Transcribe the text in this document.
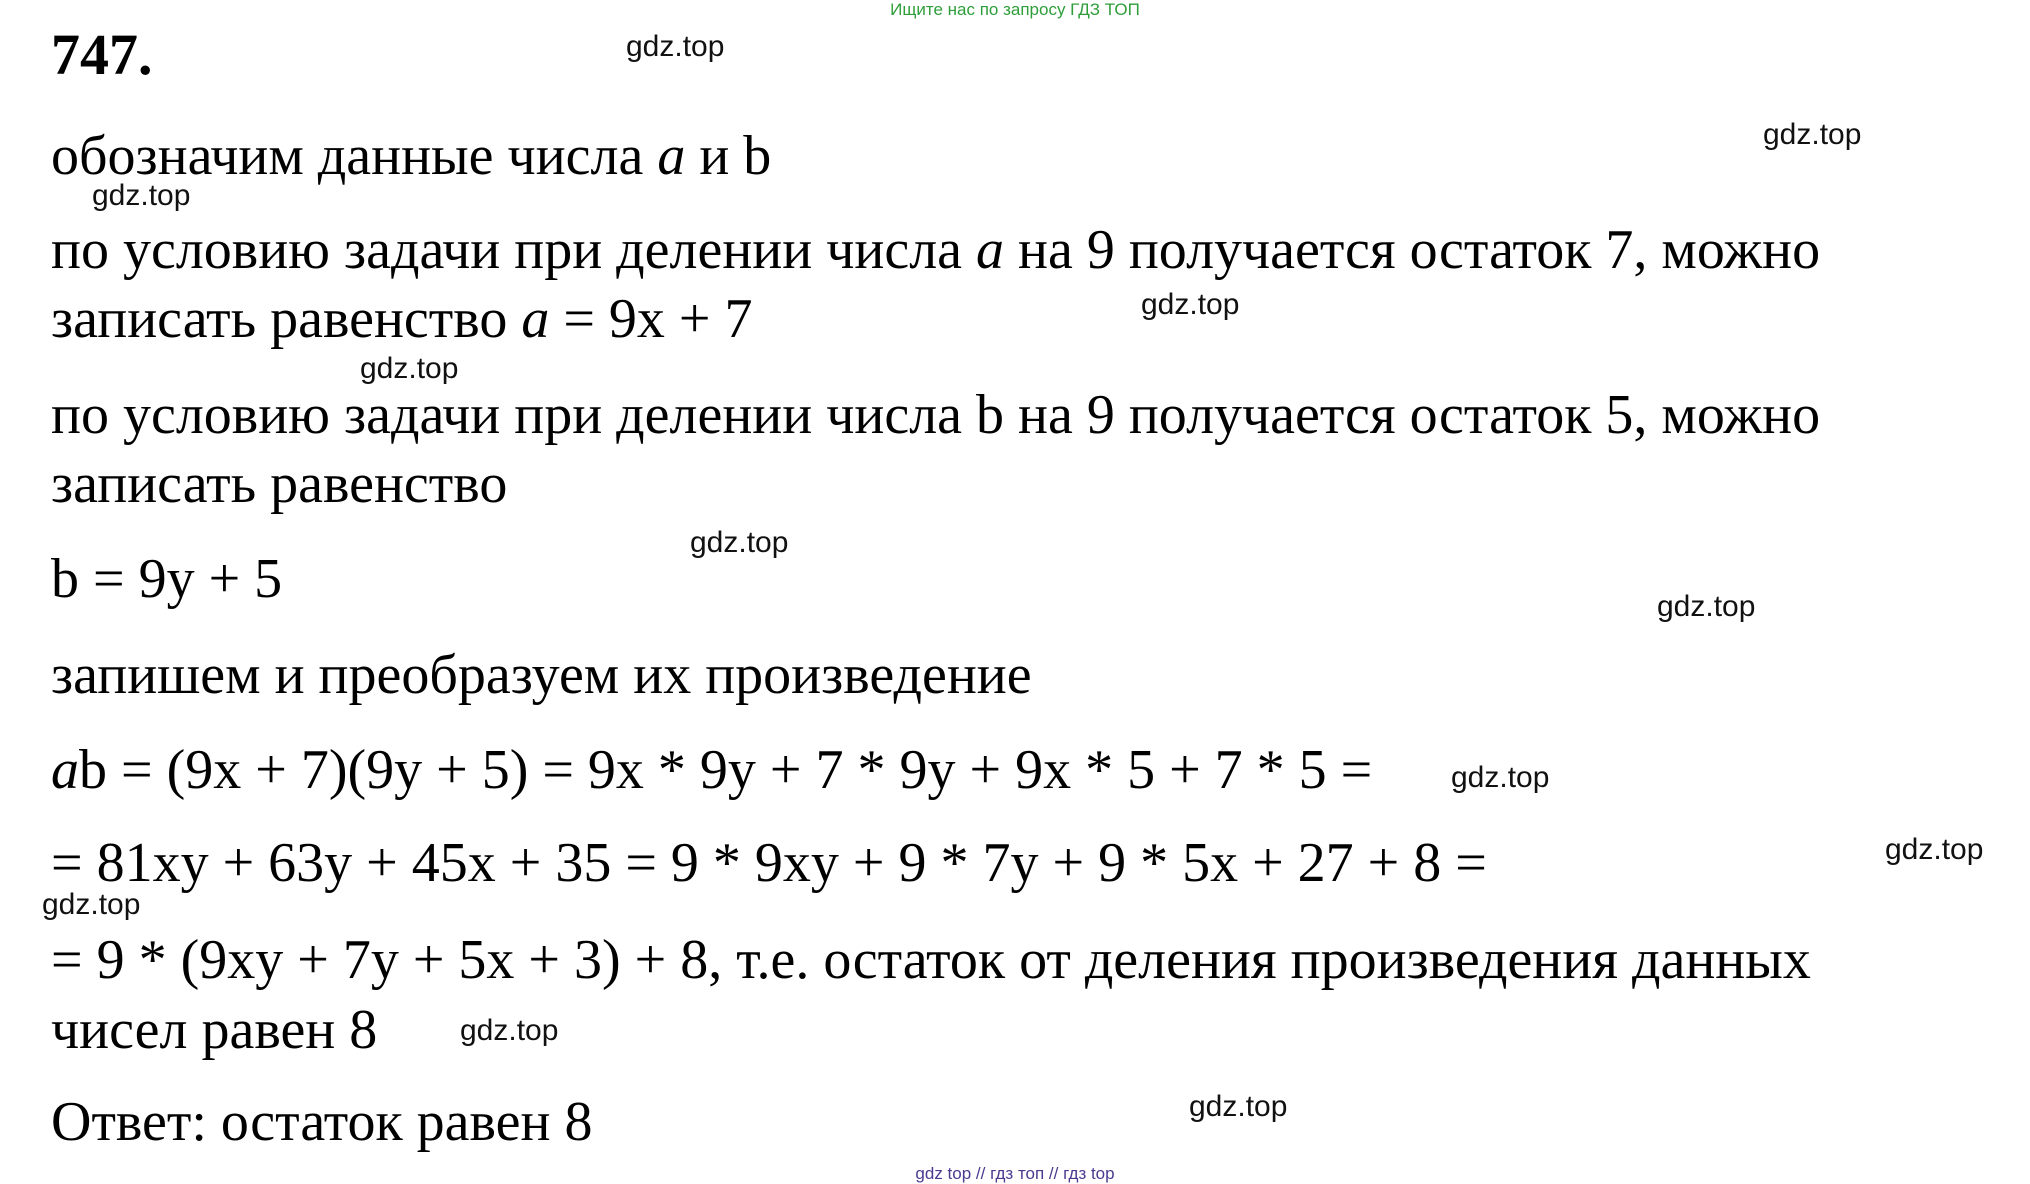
Ищите нас по запросу ГДЗ ТОП
747.
обозначим данные числа a и b
по условию задачи при делении числа a на 9 получается остаток 7, можно
записать равенство a = 9x + 7
по условию задачи при делении числа b на 9 получается остаток 5, можно
записать равенство
b = 9y + 5
запишем и преобразуем их произведение
ab = (9x + 7)(9y + 5) = 9x * 9y + 7 * 9y + 9x * 5 + 7 * 5 =
= 81xy + 63y + 45x + 35 = 9 * 9xy + 9 * 7y + 9 * 5x + 27 + 8 =
= 9 * (9xy + 7y + 5x + 3) + 8, т.е. остаток от деления произведения данных
чисел равен 8
Ответ: остаток равен 8
gdz.top
gdz.top
gdz.top
gdz.top
gdz.top
gdz.top
gdz.top
gdz.top
gdz.top
gdz.top
gdz.top
gdz.top
gdz top // гдз топ // гдз top
